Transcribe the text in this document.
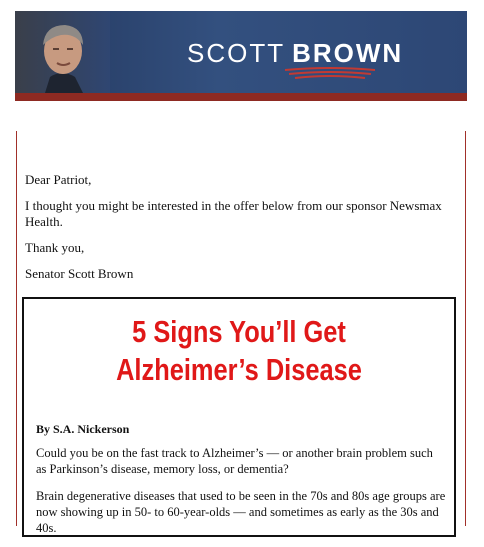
SCOTT BROWN

Dear Patriot,

I thought you might be interested in the offer below from our sponsor Newsmax Health.

Thank you,

Senator Scott Brown

5 Signs You’ll Get
Alzheimer’s Disease
By S.A. Nickerson

Could you be on the fast track to Alzheimer’s — or another brain problem such as Parkinson’s disease, memory loss, or dementia?

Brain degenerative diseases that used to be seen in the 70s and 80s age groups are now showing up in 50- to 60-year-olds — and sometimes as early as the 30s and 40s.
